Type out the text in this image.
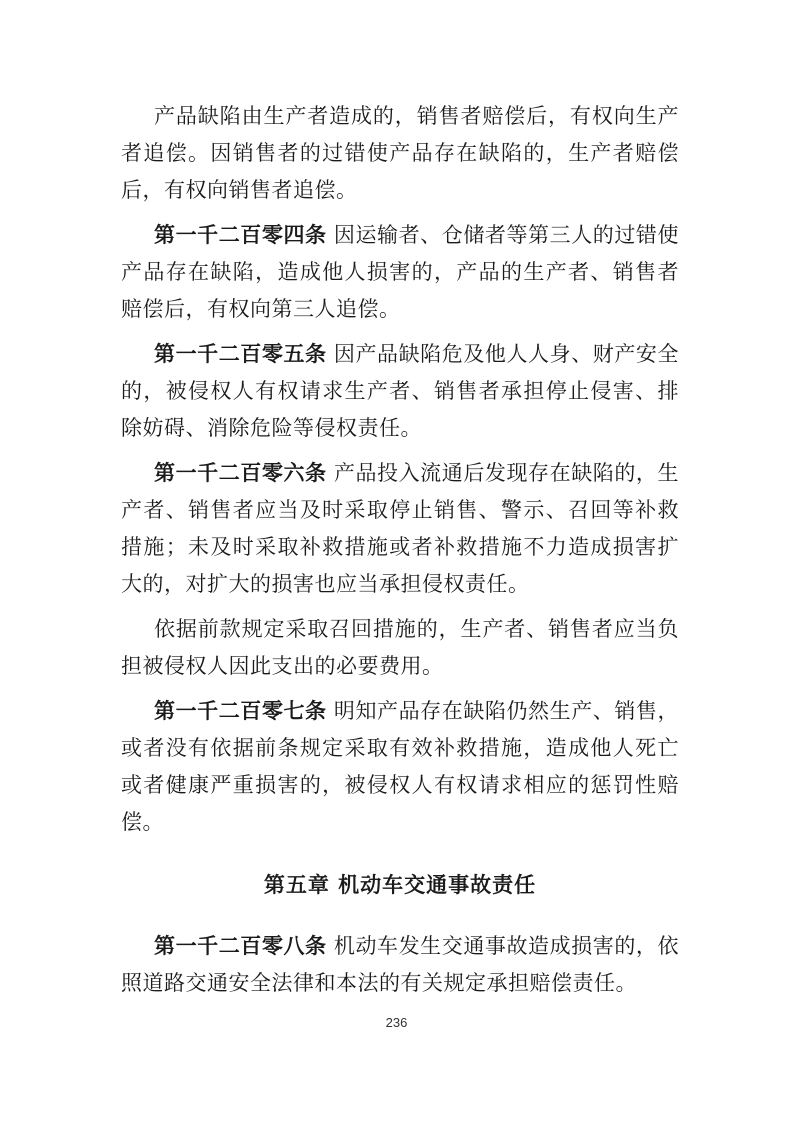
产品缺陷由生产者造成的，销售者赔偿后，有权向生产者追偿。因销售者的过错使产品存在缺陷的，生产者赔偿后，有权向销售者追偿。

第一千二百零四条 因运输者、仓储者等第三人的过错使产品存在缺陷，造成他人损害的，产品的生产者、销售者赔偿后，有权向第三人追偿。

第一千二百零五条 因产品缺陷危及他人人身、财产安全的，被侵权人有权请求生产者、销售者承担停止侵害、排除妨碍、消除危险等侵权责任。

第一千二百零六条 产品投入流通后发现存在缺陷的，生产者、销售者应当及时采取停止销售、警示、召回等补救措施；未及时采取补救措施或者补救措施不力造成损害扩大的，对扩大的损害也应当承担侵权责任。

依据前款规定采取召回措施的，生产者、销售者应当负担被侵权人因此支出的必要费用。

第一千二百零七条 明知产品存在缺陷仍然生产、销售，或者没有依据前条规定采取有效补救措施，造成他人死亡或者健康严重损害的，被侵权人有权请求相应的惩罚性赔偿。

第五章 机动车交通事故责任

第一千二百零八条 机动车发生交通事故造成损害的，依照道路交通安全法律和本法的有关规定承担赔偿责任。

236
